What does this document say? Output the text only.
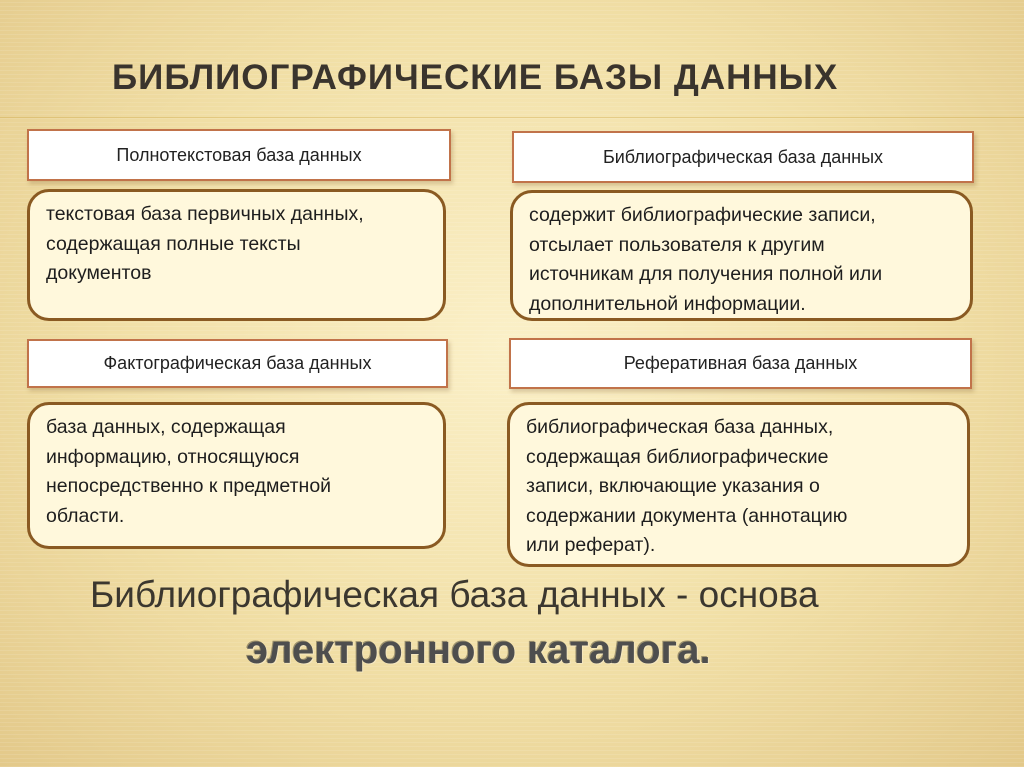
БИБЛИОГРАФИЧЕСКИЕ БАЗЫ ДАННЫХ
Полнотекстовая база данных
текстовая база первичных данных,
содержащая полные тексты
документов
Библиографическая база данных
содержит библиографические записи,
отсылает пользователя к другим
источникам для получения полной или
дополнительной информации.
Фактографическая база данных
база данных, содержащая
информацию, относящуюся
непосредственно к предметной
области.
Реферативная база данных
библиографическая база данных,
содержащая библиографические
записи, включающие указания о
содержании документа (аннотацию
или реферат).
Библиографическая база данных - основа
электронного каталога.
